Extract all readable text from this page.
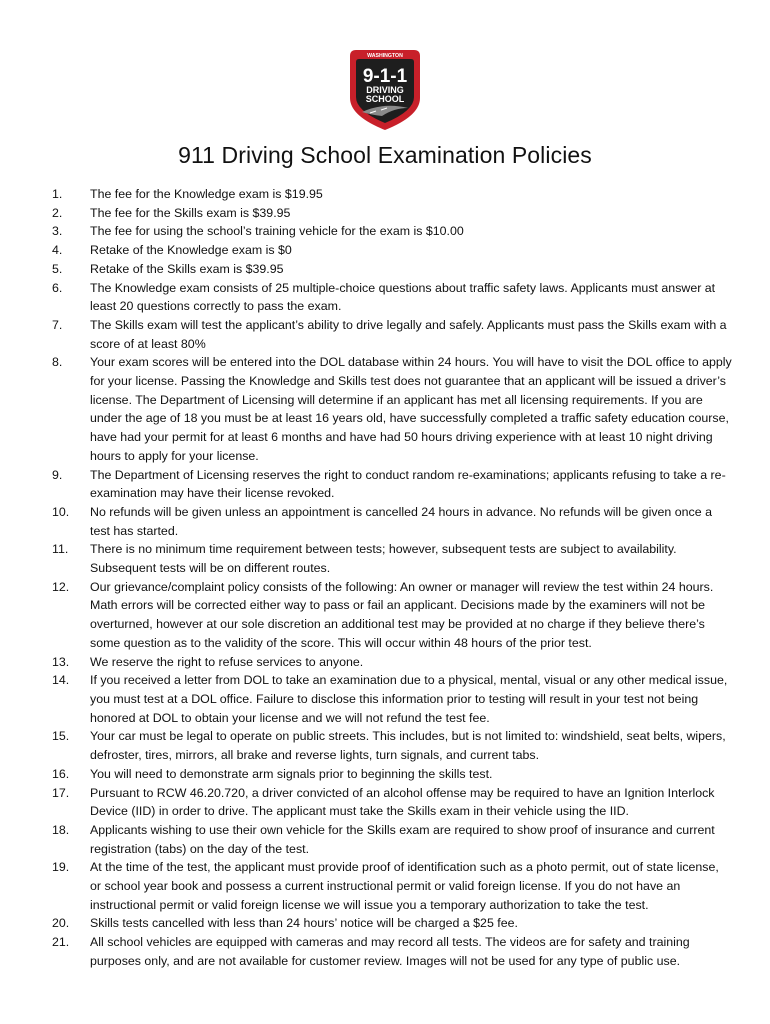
WASHINGTON
9-1-1
DRIVING
SCHOOL
911 Driving School Examination Policies
1.	The fee for the Knowledge exam is $19.95
2.	The fee for the Skills exam is $39.95
3.	The fee for using the school’s training vehicle for the exam is $10.00
4.	Retake of the Knowledge exam is $0
5.	Retake of the Skills exam is $39.95
6.	The Knowledge exam consists of 25 multiple-choice questions about traffic safety laws. Applicants must answer at least 20 questions correctly to pass the exam.
7.	The Skills exam will test the applicant’s ability to drive legally and safely. Applicants must pass the Skills exam with a score of at least 80%
8.	Your exam scores will be entered into the DOL database within 24 hours. You will have to visit the DOL office to apply for your license. Passing the Knowledge and Skills test does not guarantee that an applicant will be issued a driver’s license. The Department of Licensing will determine if an applicant has met all licensing requirements. If you are under the age of 18 you must be at least 16 years old, have successfully completed a traffic safety education course, have had your permit for at least 6 months and have had 50 hours driving experience with at least 10 night driving hours to apply for your license.
9.	The Department of Licensing reserves the right to conduct random re-examinations; applicants refusing to take a re-examination may have their license revoked.
10.	No refunds will be given unless an appointment is cancelled 24 hours in advance. No refunds will be given once a test has started.
11.	There is no minimum time requirement between tests; however, subsequent tests are subject to availability. Subsequent tests will be on different routes.
12.	Our grievance/complaint policy consists of the following: An owner or manager will review the test within 24 hours. Math errors will be corrected either way to pass or fail an applicant. Decisions made by the examiners will not be overturned, however at our sole discretion an additional test may be provided at no charge if they believe there’s some question as to the validity of the score. This will occur within 48 hours of the prior test.
13.	We reserve the right to refuse services to anyone.
14.	If you received a letter from DOL to take an examination due to a physical, mental, visual or any other medical issue, you must test at a DOL office. Failure to disclose this information prior to testing will result in your test not being honored at DOL to obtain your license and we will not refund the test fee.
15.	Your car must be legal to operate on public streets. This includes, but is not limited to: windshield, seat belts, wipers, defroster, tires, mirrors, all brake and reverse lights, turn signals, and current tabs.
16.	You will need to demonstrate arm signals prior to beginning the skills test.
17.	Pursuant to RCW 46.20.720, a driver convicted of an alcohol offense may be required to have an Ignition Interlock Device (IID) in order to drive. The applicant must take the Skills exam in their vehicle using the IID.
18.	Applicants wishing to use their own vehicle for the Skills exam are required to show proof of insurance and current registration (tabs) on the day of the test.
19.	At the time of the test, the applicant must provide proof of identification such as a photo permit, out of state license, or school year book and possess a current instructional permit or valid foreign license. If you do not have an instructional permit or valid foreign license we will issue you a temporary authorization to take the test.
20.	Skills tests cancelled with less than 24 hours’ notice will be charged a $25 fee.
21.	All school vehicles are equipped with cameras and may record all tests. The videos are for safety and training purposes only, and are not available for customer review. Images will not be used for any type of public use.
